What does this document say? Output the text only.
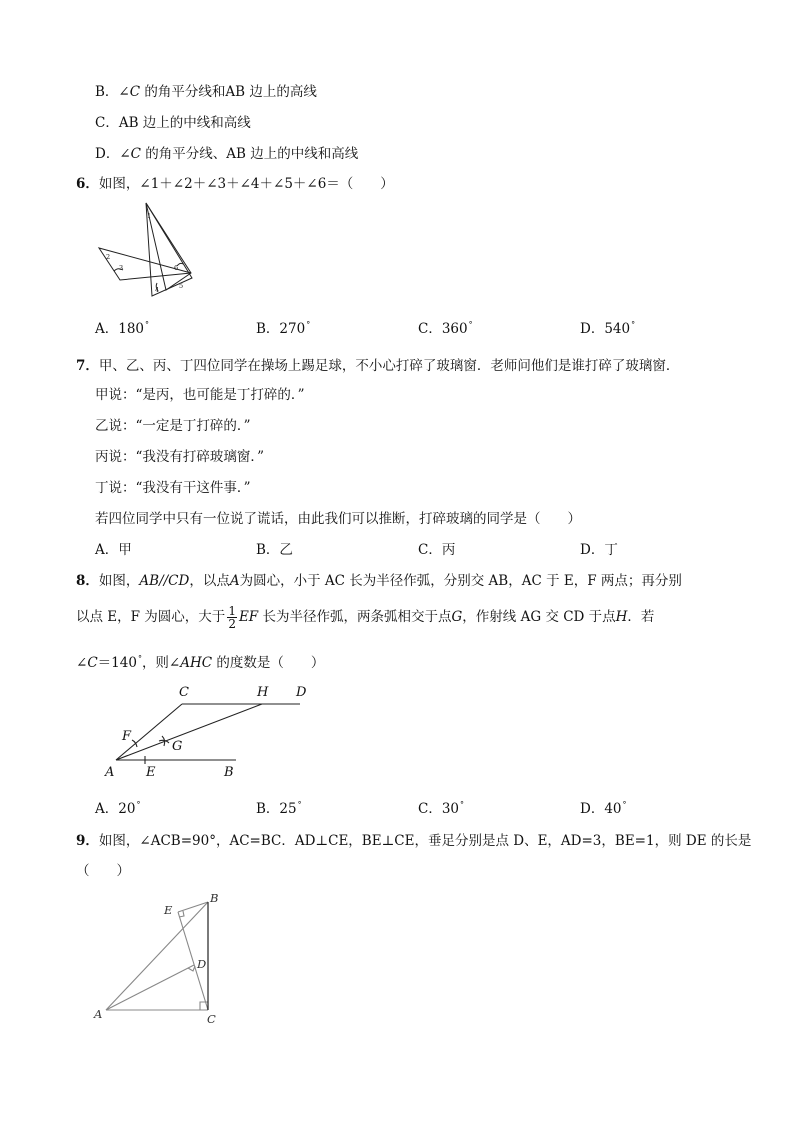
B．∠C 的角平分线和AB 边上的高线
C．AB 边上的中线和高线
D．∠C 的角平分线、AB 边上的中线和高线
6．如图，∠1＋∠2＋∠3＋∠4＋∠5＋∠6＝（　　）
1
2
3
4	5
6
A．180°	B．270°	C．360°	D．540°
7．甲、乙、丙、丁四位同学在操场上踢足球，不小心打碎了玻璃窗．老师问他们是谁打碎了玻璃窗．
甲说：“是丙，也可能是丁打碎的．”
乙说：“一定是丁打碎的．”
丙说：“我没有打碎玻璃窗．”
丁说：“我没有干这件事．”
若四位同学中只有一位说了谎话，由此我们可以推断，打碎玻璃的同学是（　　）
A．甲	B．乙	C．丙	D．丁
8．如图，AB//CD，以点A为圆心，小于 AC 长为半径作弧，分别交 AB，AC 于 E，F 两点；再分别
以点 E，F 为圆心，大于 $\frac{1}{2}$ EF 长为半径作弧，两条弧相交于点G，作射线 AG 交 CD 于点H．若
∠C＝140°，则∠AHC 的度数是（　　）
C	H D
F
G
A E	B
A．20°	B．25°	C．30°	D．40°
9．如图，∠ACB=90°，AC=BC．AD⊥CE，BE⊥CE，垂足分别是点 D、E，AD=3，BE=1，则 DE 的长是
（　　）
E
B
D
A	C
